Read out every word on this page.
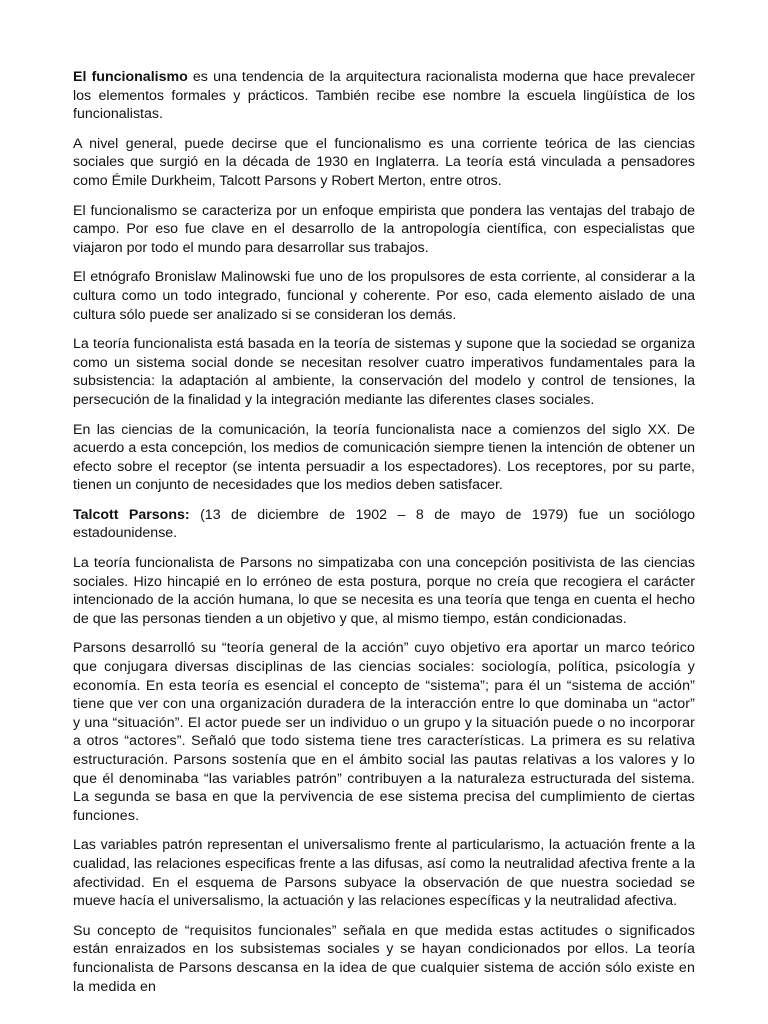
El funcionalismo es una tendencia de la arquitectura racionalista moderna que hace prevalecer los elementos formales y prácticos. También recibe ese nombre la escuela lingüística de los funcionalistas.

A nivel general, puede decirse que el funcionalismo es una corriente teórica de las ciencias sociales que surgió en la década de 1930 en Inglaterra. La teoría está vinculada a pensadores como Émile Durkheim, Talcott Parsons y Robert Merton, entre otros.

El funcionalismo se caracteriza por un enfoque empirista que pondera las ventajas del trabajo de campo. Por eso fue clave en el desarrollo de la antropología científica, con especialistas que viajaron por todo el mundo para desarrollar sus trabajos.

El etnógrafo Bronislaw Malinowski fue uno de los propulsores de esta corriente, al considerar a la cultura como un todo integrado, funcional y coherente. Por eso, cada elemento aislado de una cultura sólo puede ser analizado si se consideran los demás.

La teoría funcionalista está basada en la teoría de sistemas y supone que la sociedad se organiza como un sistema social donde se necesitan resolver cuatro imperativos fundamentales para la subsistencia: la adaptación al ambiente, la conservación del modelo y control de tensiones, la persecución de la finalidad y la integración mediante las diferentes clases sociales.

En las ciencias de la comunicación, la teoría funcionalista nace a comienzos del siglo XX. De acuerdo a esta concepción, los medios de comunicación siempre tienen la intención de obtener un efecto sobre el receptor (se intenta persuadir a los espectadores). Los receptores, por su parte, tienen un conjunto de necesidades que los medios deben satisfacer.

Talcott Parsons: (13 de diciembre de 1902 – 8 de mayo de 1979) fue un sociólogo estadounidense.

La teoría funcionalista de Parsons no simpatizaba con una concepción positivista de las ciencias sociales. Hizo hincapié en lo erróneo de esta postura, porque no creía que recogiera el carácter intencionado de la acción humana, lo que se necesita es una teoría que tenga en cuenta el hecho de que las personas tienden a un objetivo y que, al mismo tiempo, están condicionadas.

Parsons desarrolló su “teoría general de la acción” cuyo objetivo era aportar un marco teórico que conjugara diversas disciplinas de las ciencias sociales: sociología, política, psicología y economía. En esta teoría es esencial el concepto de “sistema”; para él un “sistema de acción” tiene que ver con una organización duradera de la interacción entre lo que dominaba un “actor” y una “situación”. El actor puede ser un individuo o un grupo y la situación puede o no incorporar a otros “actores”. Señaló que todo sistema tiene tres características. La primera es su relativa estructuración. Parsons sostenía que en el ámbito social las pautas relativas a los valores y lo que él denominaba “las variables patrón” contribuyen a la naturaleza estructurada del sistema. La segunda se basa en que la pervivencia de ese sistema precisa del cumplimiento de ciertas funciones.

Las variables patrón representan el universalismo frente al particularismo, la actuación frente a la cualidad, las relaciones especificas frente a las difusas, así como la neutralidad afectiva frente a la afectividad. En el esquema de Parsons subyace la observación de que nuestra sociedad se mueve hacía el universalismo, la actuación y las relaciones específicas y la neutralidad afectiva.

Su concepto de “requisitos funcionales” señala en que medida estas actitudes o significados están enraizados en los subsistemas sociales y se hayan condicionados por ellos. La teoría funcionalista de Parsons descansa en la idea de que cualquier sistema de acción sólo existe en la medida en
